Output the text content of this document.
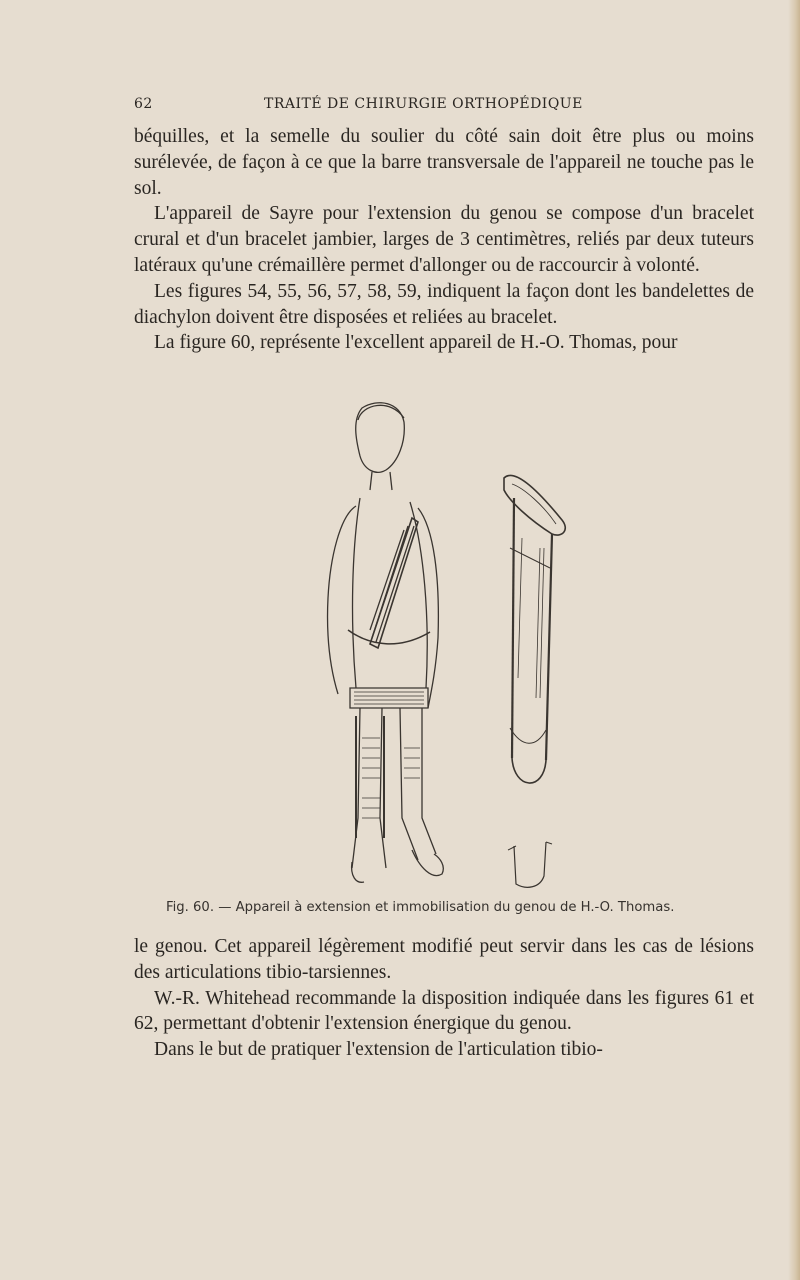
62	TRAITÉ DE CHIRURGIE ORTHOPÉDIQUE

béquilles, et la semelle du soulier du côté sain doit être plus ou moins surélevée, de façon à ce que la barre transversale de l'appareil ne touche pas le sol.

L'appareil de Sayre pour l'extension du genou se compose d'un bracelet crural et d'un bracelet jambier, larges de 3 centimètres, reliés par deux tuteurs latéraux qu'une crémaillère permet d'allonger ou de raccourcir à volonté.

Les figures 54, 55, 56, 57, 58, 59, indiquent la façon dont les bandelettes de diachylon doivent être disposées et reliées au bracelet.

La figure 60, représente l'excellent appareil de H.-O. Thomas, pour

Fig. 60. — Appareil à extension et immobilisation du genou de H.-O. Thomas.

le genou. Cet appareil légèrement modifié peut servir dans les cas de lésions des articulations tibio-tarsiennes.

W.-R. Whitehead recommande la disposition indiquée dans les figures 61 et 62, permettant d'obtenir l'extension énergique du genou.

Dans le but de pratiquer l'extension de l'articulation tibio-
